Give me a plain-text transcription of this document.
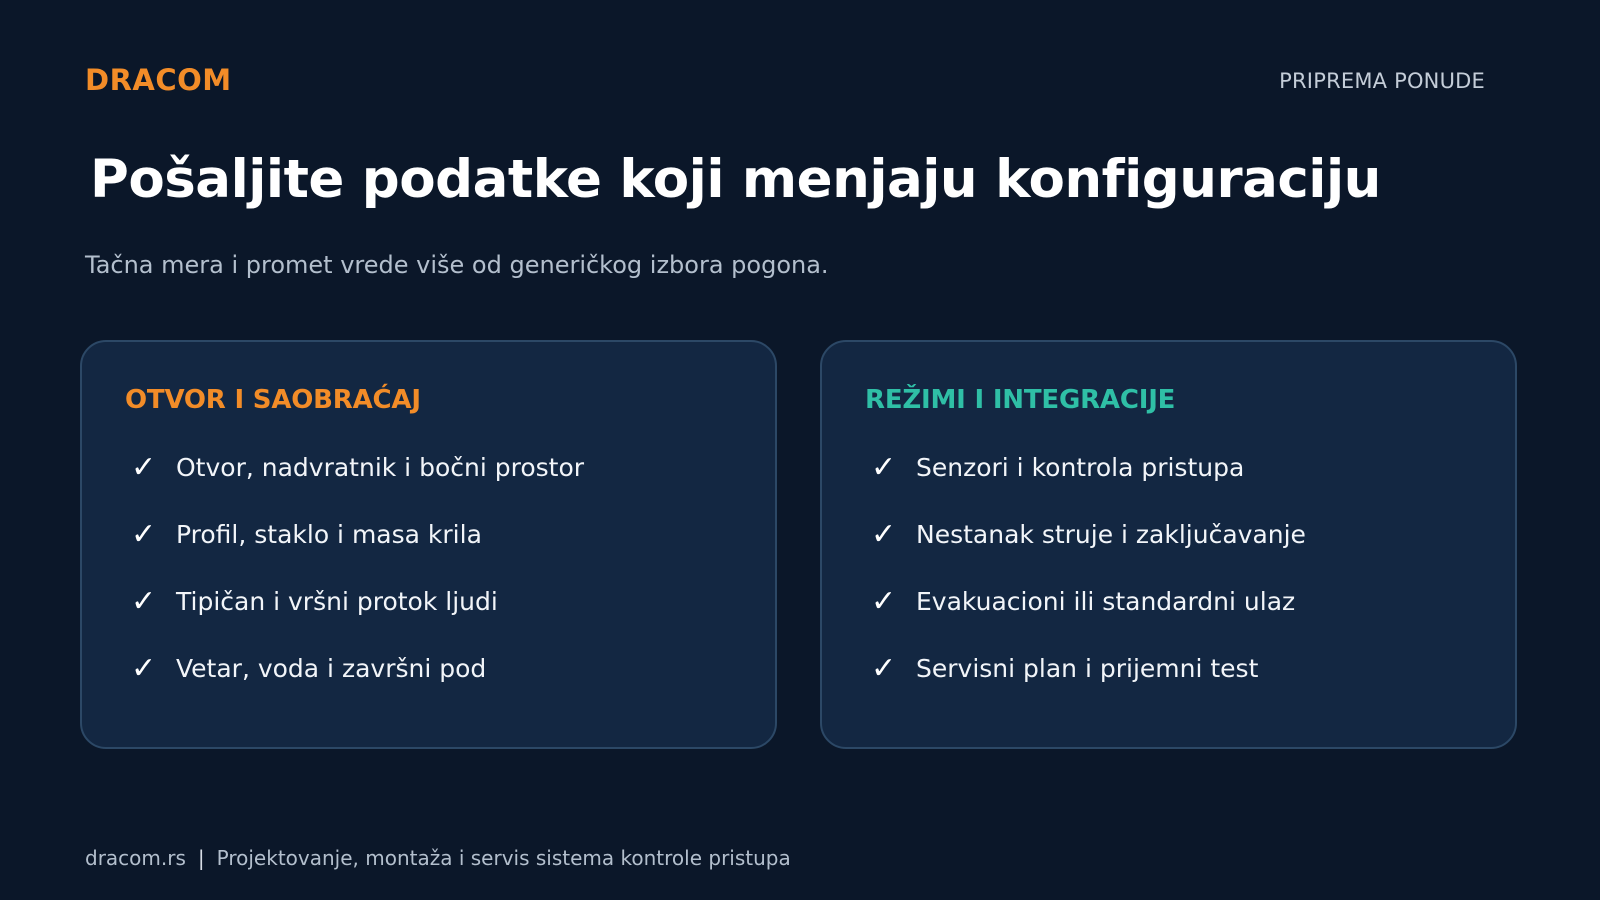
DRACOM	PRIPREMA PONUDE
Pošaljite podatke koji menjaju konfiguraciju

Tačna mera i promet vrede više od generičkog izbora pogona.

OTVOR I SAOBRAĆAJ
✓ Otvor, nadvratnik i bočni prostor
✓ Profil, staklo i masa krila
✓ Tipičan i vršni protok ljudi
✓ Vetar, voda i završni pod
REŽIMI I INTEGRACIJE
✓ Senzori i kontrola pristupa
✓ Nestanak struje i zaključavanje
✓ Evakuacioni ili standardni ulaz
✓ Servisni plan i prijemni test
dracom.rs | Projektovanje, montaža i servis sistema kontrole pristupa
